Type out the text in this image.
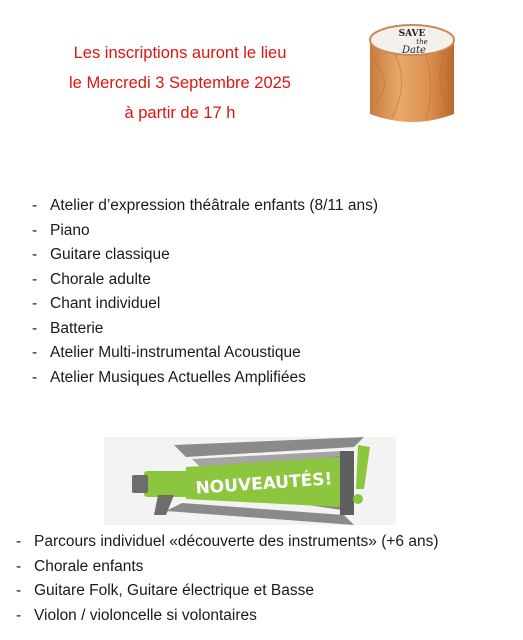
Les inscriptions auront le lieu
le Mercredi 3 Septembre 2025
à partir de 17 h
SAVE
the
Date
- Atelier d’expression théâtrale enfants (8/11 ans)
- Piano
- Guitare classique
- Chorale adulte
- Chant individuel
- Batterie
- Atelier Multi-instrumental Acoustique
- Atelier Musiques Actuelles Amplifiées
NOUVEAUTÉS!
- Parcours individuel «découverte des instruments» (+6 ans)
- Chorale enfants
- Guitare Folk, Guitare électrique et Basse
- Violon / violoncelle si volontaires
